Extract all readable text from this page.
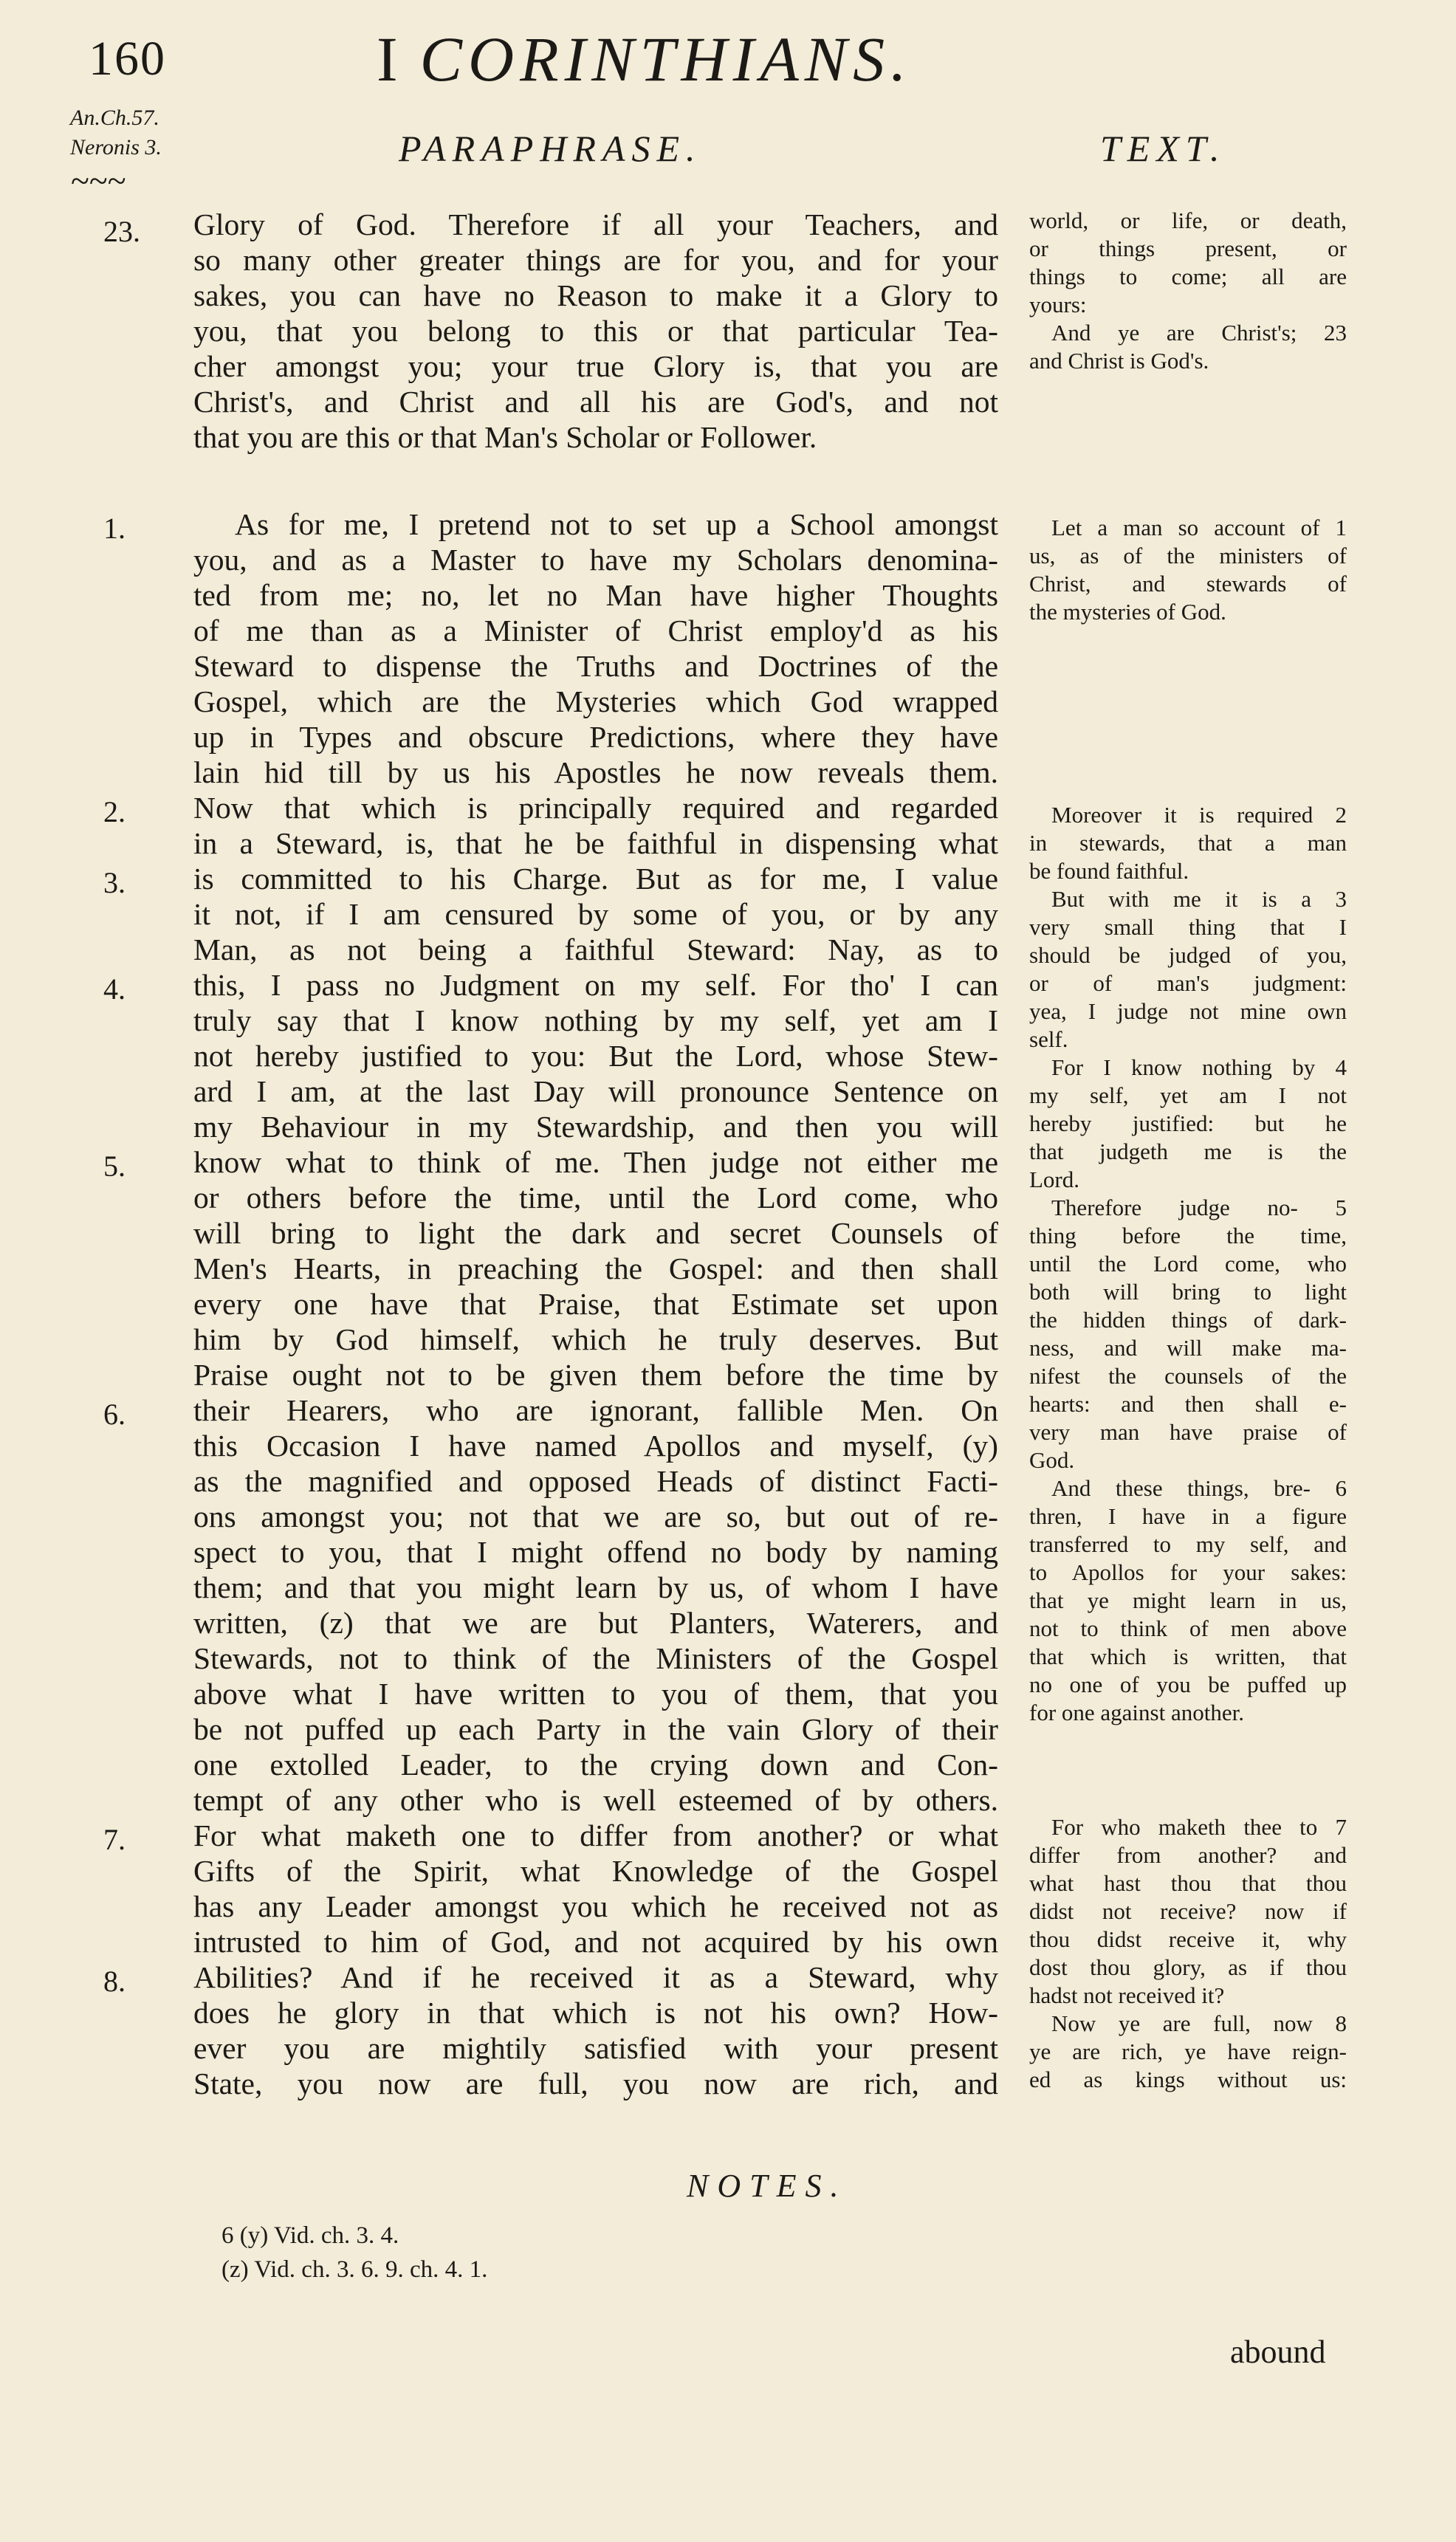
160	I CORINTHIANS.
An.Ch.57.
Neronis 3.
~~~
PARAPHRASE.	TEXT.
23.
1.
2.
3.
4.
5.
6.
7.
8.
Glory of God. Therefore if all your Teachers, and
so many other greater things are for you, and for your
sakes, you can have no Reason to make it a Glory to
you, that you belong to this or that particular Tea-
cher amongst you; your true Glory is, that you are
Christ's, and Christ and all his are God's, and not
that you are this or that Man's Scholar or Follower.
As for me, I pretend not to set up a School amongst
you, and as a Master to have my Scholars denomina-
ted from me; no, let no Man have higher Thoughts
of me than as a Minister of Christ employ'd as his
Steward to dispense the Truths and Doctrines of the
Gospel, which are the Mysteries which God wrapped
up in Types and obscure Predictions, where they have
lain hid till by us his Apostles he now reveals them.
Now that which is principally required and regarded
in a Steward, is, that he be faithful in dispensing what
is committed to his Charge. But as for me, I value
it not, if I am censured by some of you, or by any
Man, as not being a faithful Steward: Nay, as to
this, I pass no Judgment on my self. For tho' I can
truly say that I know nothing by my self, yet am I
not hereby justified to you: But the Lord, whose Stew-
ard I am, at the last Day will pronounce Sentence on
my Behaviour in my Stewardship, and then you will
know what to think of me. Then judge not either me
or others before the time, until the Lord come, who
will bring to light the dark and secret Counsels of
Men's Hearts, in preaching the Gospel: and then shall
every one have that Praise, that Estimate set upon
him by God himself, which he truly deserves. But
Praise ought not to be given them before the time by
their Hearers, who are ignorant, fallible Men. On
this Occasion I have named Apollos and myself, (y)
as the magnified and opposed Heads of distinct Facti-
ons amongst you; not that we are so, but out of re-
spect to you, that I might offend no body by naming
them; and that you might learn by us, of whom I have
written, (z) that we are but Planters, Waterers, and
Stewards, not to think of the Ministers of the Gospel
above what I have written to you of them, that you
be not puffed up each Party in the vain Glory of their
one extolled Leader, to the crying down and Con-
tempt of any other who is well esteemed of by others.
For what maketh one to differ from another? or what
Gifts of the Spirit, what Knowledge of the Gospel
has any Leader amongst you which he received not as
intrusted to him of God, and not acquired by his own
Abilities? And if he received it as a Steward, why
does he glory in that which is not his own? How-
ever you are mightily satisfied with your present
State, you now are full, you now are rich, and
world, or life, or death,
or things present, or
things to come; all are
yours:
And ye are Christ's; 23
and Christ is God's.
Let a man so account of 1
us, as of the ministers of
Christ, and stewards of
the mysteries of God.
Moreover it is required 2
in stewards, that a man
be found faithful.
But with me it is a 3
very small thing that I
should be judged of you,
or of man's judgment:
yea, I judge not mine own
self.
For I know nothing by 4
my self, yet am I not
hereby justified: but he
that judgeth me is the
Lord.
Therefore judge no- 5
thing before the time,
until the Lord come, who
both will bring to light
the hidden things of dark-
ness, and will make ma-
nifest the counsels of the
hearts: and then shall e-
very man have praise of
God.
And these things, bre- 6
thren, I have in a figure
transferred to my self, and
to Apollos for your sakes:
that ye might learn in us,
not to think of men above
that which is written, that
no one of you be puffed up
for one against another.
For who maketh thee to 7
differ from another? and
what hast thou that thou
didst not receive? now if
thou didst receive it, why
dost thou glory, as if thou
hadst not received it?
Now ye are full, now 8
ye are rich, ye have reign-
ed as kings without us:
NOTES.
6 (y) Vid. ch. 3. 4.
(z) Vid. ch. 3. 6. 9. ch. 4. 1.
abound
